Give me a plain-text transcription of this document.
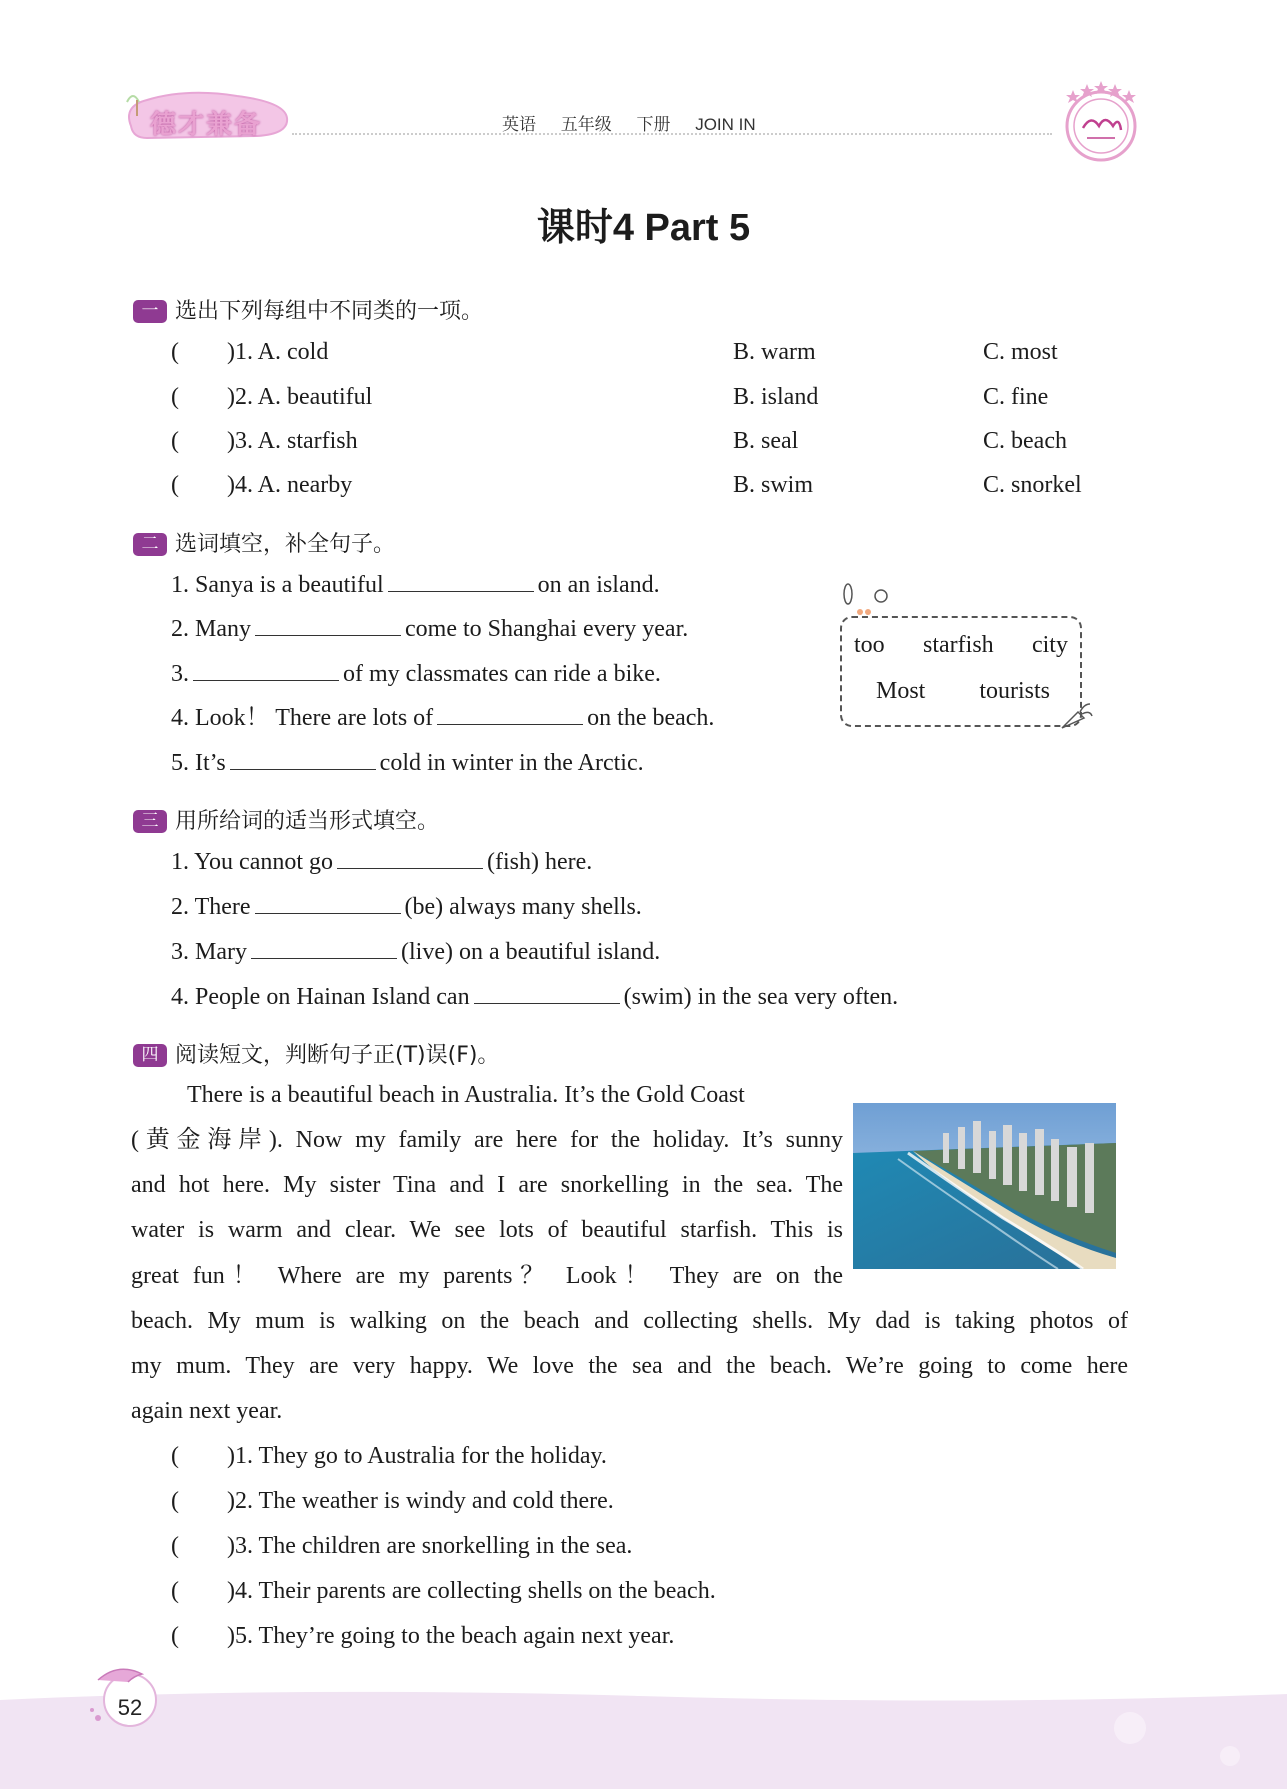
德才兼备	英语 五年级 下册 JOIN IN
课时4 Part 5
一 选出下列每组中不同类的一项。
(        )1. A. cold	B. warm	C. most
(        )2. A. beautiful	B. island	C. fine
(        )3. A. starfish	B. seal	C. beach
(        )4. A. nearby	B. swim	C. snorkel
二 选词填空，补全句子。
1. Sanya is a beautiful	on an island.
2. Many	come to Shanghai every year.
3.	of my classmates can ride a bike.
4. Look！ There are lots of	on the beach.
5. It’s	cold in winter in the Arctic.
too starfish city
Most tourists
三 用所给词的适当形式填空。
1. You cannot go	(fish) here.
2. There	(be) always many shells.
3. Mary	(live) on a beautiful island.
4. People on Hainan Island can	(swim) in the sea very often.
四 阅读短文，判断句子正(T)误(F)。
There is a beautiful beach in Australia. It’s the Gold Coast
(黄金海岸). Now my family are here for the holiday. It’s sunny
and hot here. My sister Tina and I are snorkelling in the sea. The
water is warm and clear. We see lots of beautiful starfish. This is
great fun！ Where are my parents？ Look！ They are on the
beach. My mum is walking on the beach and collecting shells. My dad is taking photos of
my mum. They are very happy. We love the sea and the beach. We’re going to come here
again next year.
(        )1. They go to Australia for the holiday.
(        )2. The weather is windy and cold there.
(        )3. The children are snorkelling in the sea.
(        )4. Their parents are collecting shells on the beach.
(        )5. They’re going to the beach again next year.
52
